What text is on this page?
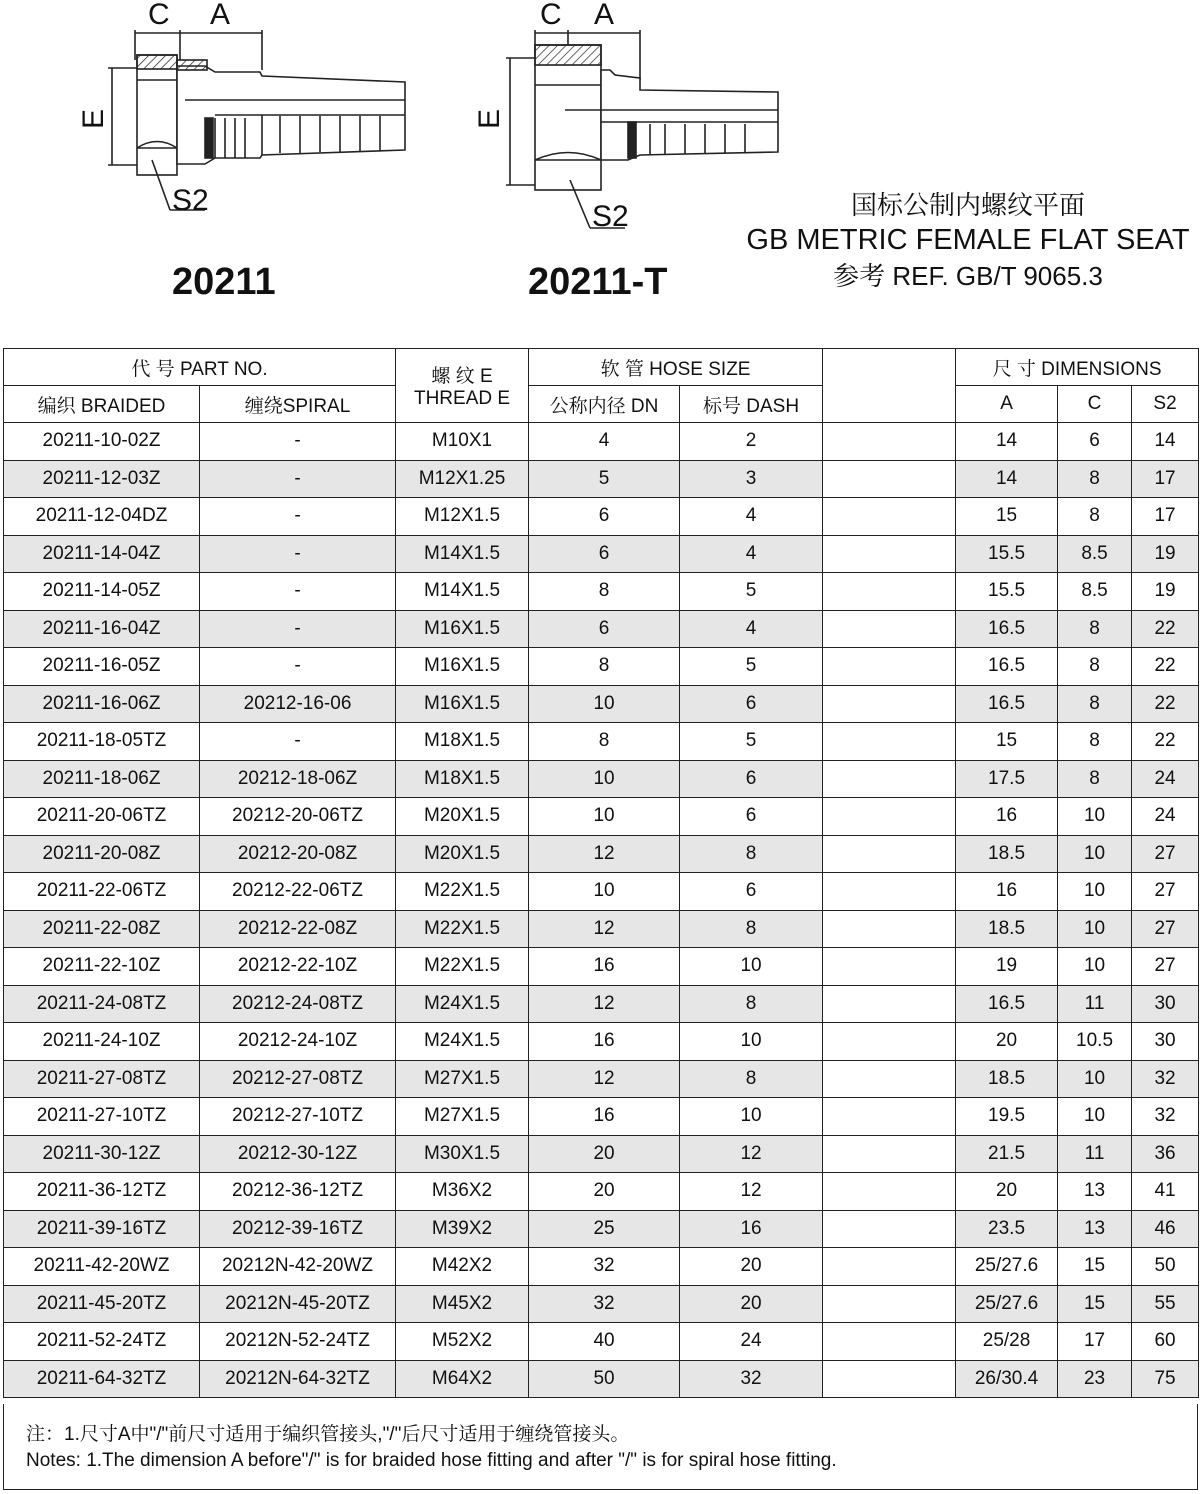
C A
E
S2
20211
C A
E
S2
20211-T
国标公制内螺纹平面
GB METRIC FEMALE FLAT SEAT
参考 REF. GB/T 9065.3
代 号 PART NO.		螺 纹 E
THREAD E	软 管 HOSE SIZE			尺 寸 DIMENSIONS		
编织 BRAIDED	缠绕SPIRAL		公称内径 DN	标号 DASH		A	C	S2
20211-10-02Z	-	M10X1	4	2		14	6	14
20211-12-03Z	-	M12X1.25	5	3		14	8	17
20211-12-04DZ	-	M12X1.5	6	4		15	8	17
20211-14-04Z	-	M14X1.5	6	4		15.5	8.5	19
20211-14-05Z	-	M14X1.5	8	5		15.5	8.5	19
20211-16-04Z	-	M16X1.5	6	4		16.5	8	22
20211-16-05Z	-	M16X1.5	8	5		16.5	8	22
20211-16-06Z	20212-16-06	M16X1.5	10	6		16.5	8	22
20211-18-05TZ	-	M18X1.5	8	5		15	8	22
20211-18-06Z	20212-18-06Z	M18X1.5	10	6		17.5	8	24
20211-20-06TZ	20212-20-06TZ	M20X1.5	10	6		16	10	24
20211-20-08Z	20212-20-08Z	M20X1.5	12	8		18.5	10	27
20211-22-06TZ	20212-22-06TZ	M22X1.5	10	6		16	10	27
20211-22-08Z	20212-22-08Z	M22X1.5	12	8		18.5	10	27
20211-22-10Z	20212-22-10Z	M22X1.5	16	10		19	10	27
20211-24-08TZ	20212-24-08TZ	M24X1.5	12	8		16.5	11	30
20211-24-10Z	20212-24-10Z	M24X1.5	16	10		20	10.5	30
20211-27-08TZ	20212-27-08TZ	M27X1.5	12	8		18.5	10	32
20211-27-10TZ	20212-27-10TZ	M27X1.5	16	10		19.5	10	32
20211-30-12Z	20212-30-12Z	M30X1.5	20	12		21.5	11	36
20211-36-12TZ	20212-36-12TZ	M36X2	20	12		20	13	41
20211-39-16TZ	20212-39-16TZ	M39X2	25	16		23.5	13	46
20211-42-20WZ	20212N-42-20WZ	M42X2	32	20		25/27.6	15	50
20211-45-20TZ	20212N-45-20TZ	M45X2	32	20		25/27.6	15	55
20211-52-24TZ	20212N-52-24TZ	M52X2	40	24		25/28	17	60
20211-64-32TZ	20212N-64-32TZ	M64X2	50	32		26/30.4	23	75
注：1.尺寸A中"/"前尺寸适用于编织管接头,"/"后尺寸适用于缠绕管接头。
Notes: 1.The dimension A before"/" is for braided hose fitting and after "/" is for spiral hose fitting.
